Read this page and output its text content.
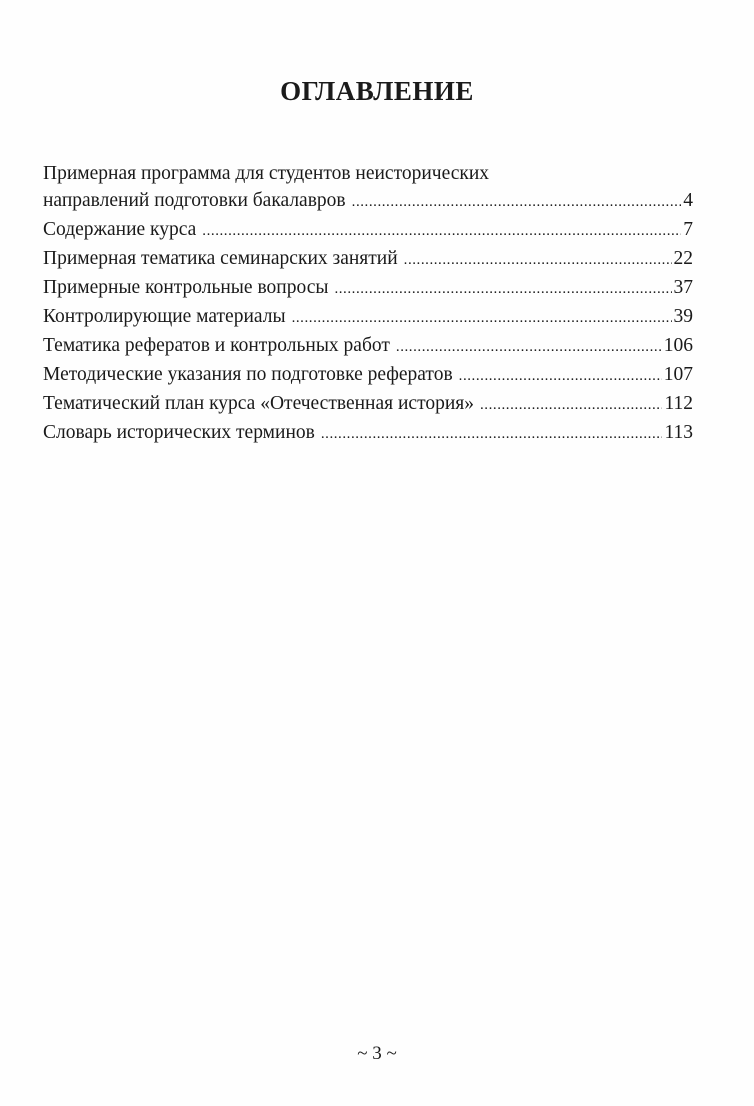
ОГЛАВЛЕНИЕ
Примерная программа для студентов неисторических
направлений подготовки бакалавров . . .	4
Содержание курса . . .	7
Примерная тематика семинарских занятий . . .	22
Примерные контрольные вопросы . . .	37
Контролирующие материалы . . .	39
Тематика рефератов и контрольных работ . . .	106
Методические указания по подготовке рефератов . . .	107
Тематический план курса «Отечественная история» . . .	112
Словарь исторических терминов . . .	113
~ 3 ~
